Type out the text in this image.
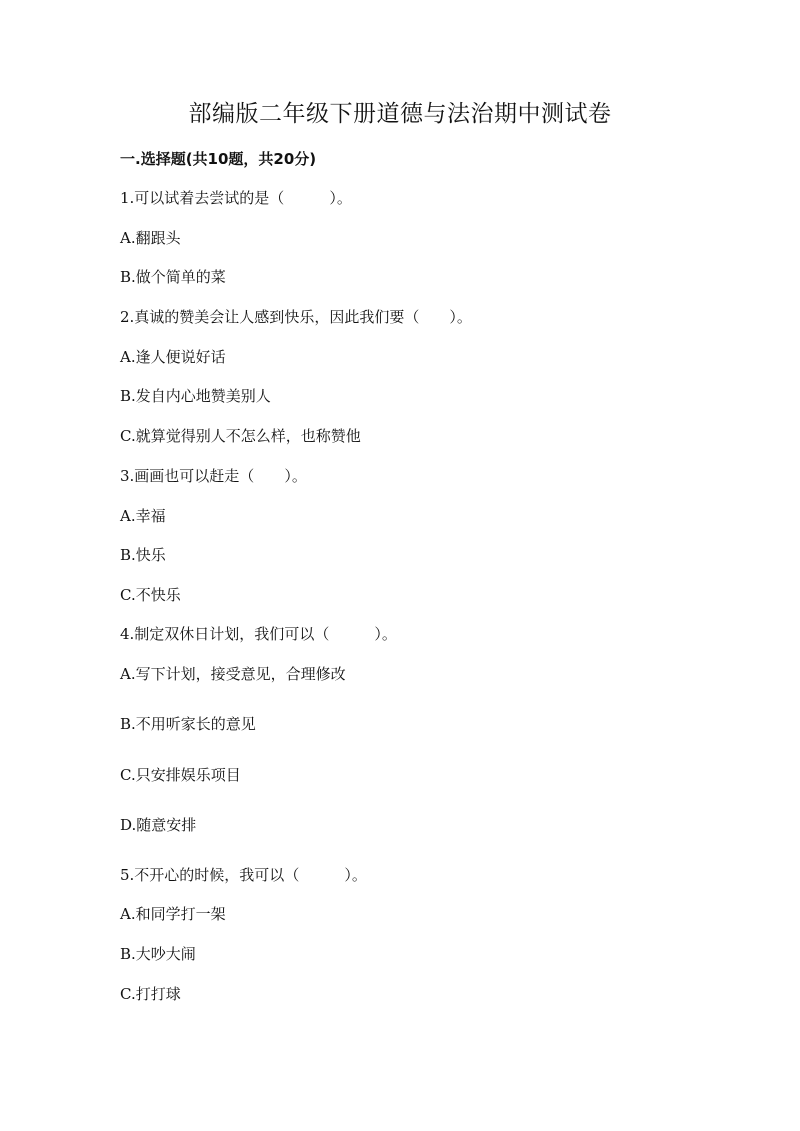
部编版二年级下册道德与法治期中测试卷
一.选择题(共10题，共20分)

1.可以试着去尝试的是（　　　）。

A.翻跟头

B.做个简单的菜

2.真诚的赞美会让人感到快乐，因此我们要（　　）。

A.逢人便说好话

B.发自内心地赞美别人

C.就算觉得别人不怎么样，也称赞他

3.画画也可以赶走（　　）。

A.幸福

B.快乐

C.不快乐

4.制定双休日计划，我们可以（　　　）。

A.写下计划，接受意见，合理修改

B.不用听家长的意见

C.只安排娱乐项目

D.随意安排

5.不开心的时候，我可以（　　　）。

A.和同学打一架

B.大吵大闹

C.打打球
